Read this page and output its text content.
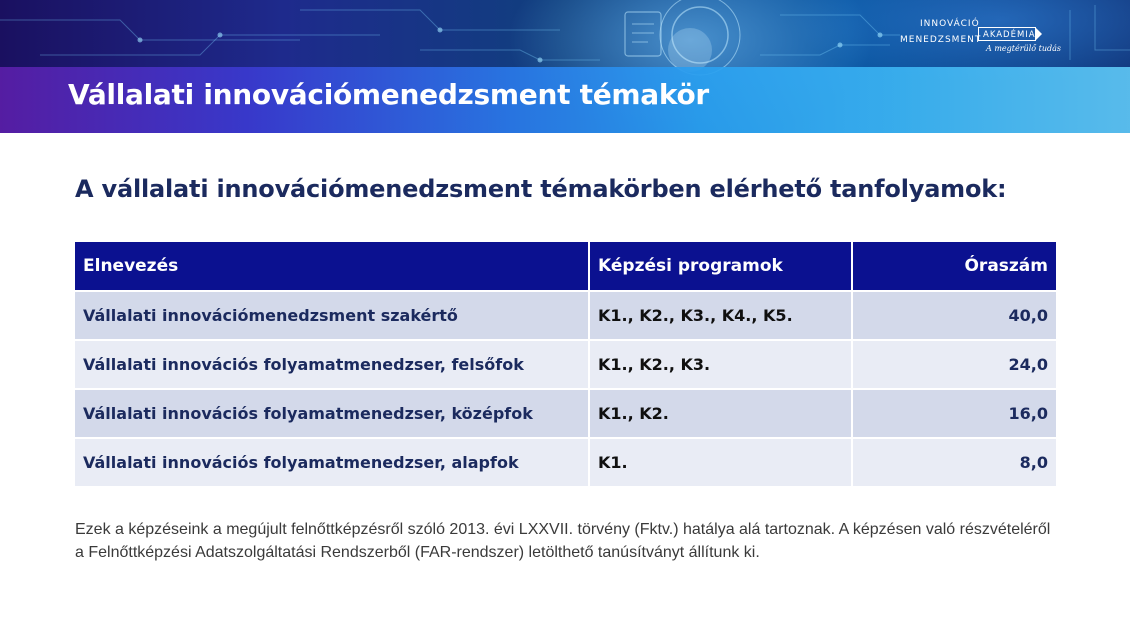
Vállalati innovációmenedzsment témakör
INNOVÁCIÓ
MENEDZSMENT AKADÉMIA
A megtérülő tudás
A vállalati innovációmenedzsment témakörben elérhető tanfolyamok:
Elnevezés	Képzési programok	Óraszám
Vállalati innovációmenedzsment szakértő	K1., K2., K3., K4., K5.	40,0
Vállalati innovációs folyamatmenedzser, felsőfok	K1., K2., K3.	24,0
Vállalati innovációs folyamatmenedzser, középfok	K1., K2.	16,0
Vállalati innovációs folyamatmenedzser, alapfok	K1.	8,0

Ezek a képzéseink a megújult felnőttképzésről szóló 2013. évi LXXVII. törvény (Fktv.) hatálya alá tartoznak. A képzésen való részvételéről a Felnőttképzési Adatszolgáltatási Rendszerből (FAR-rendszer) letölthető tanúsítványt állítunk ki.
